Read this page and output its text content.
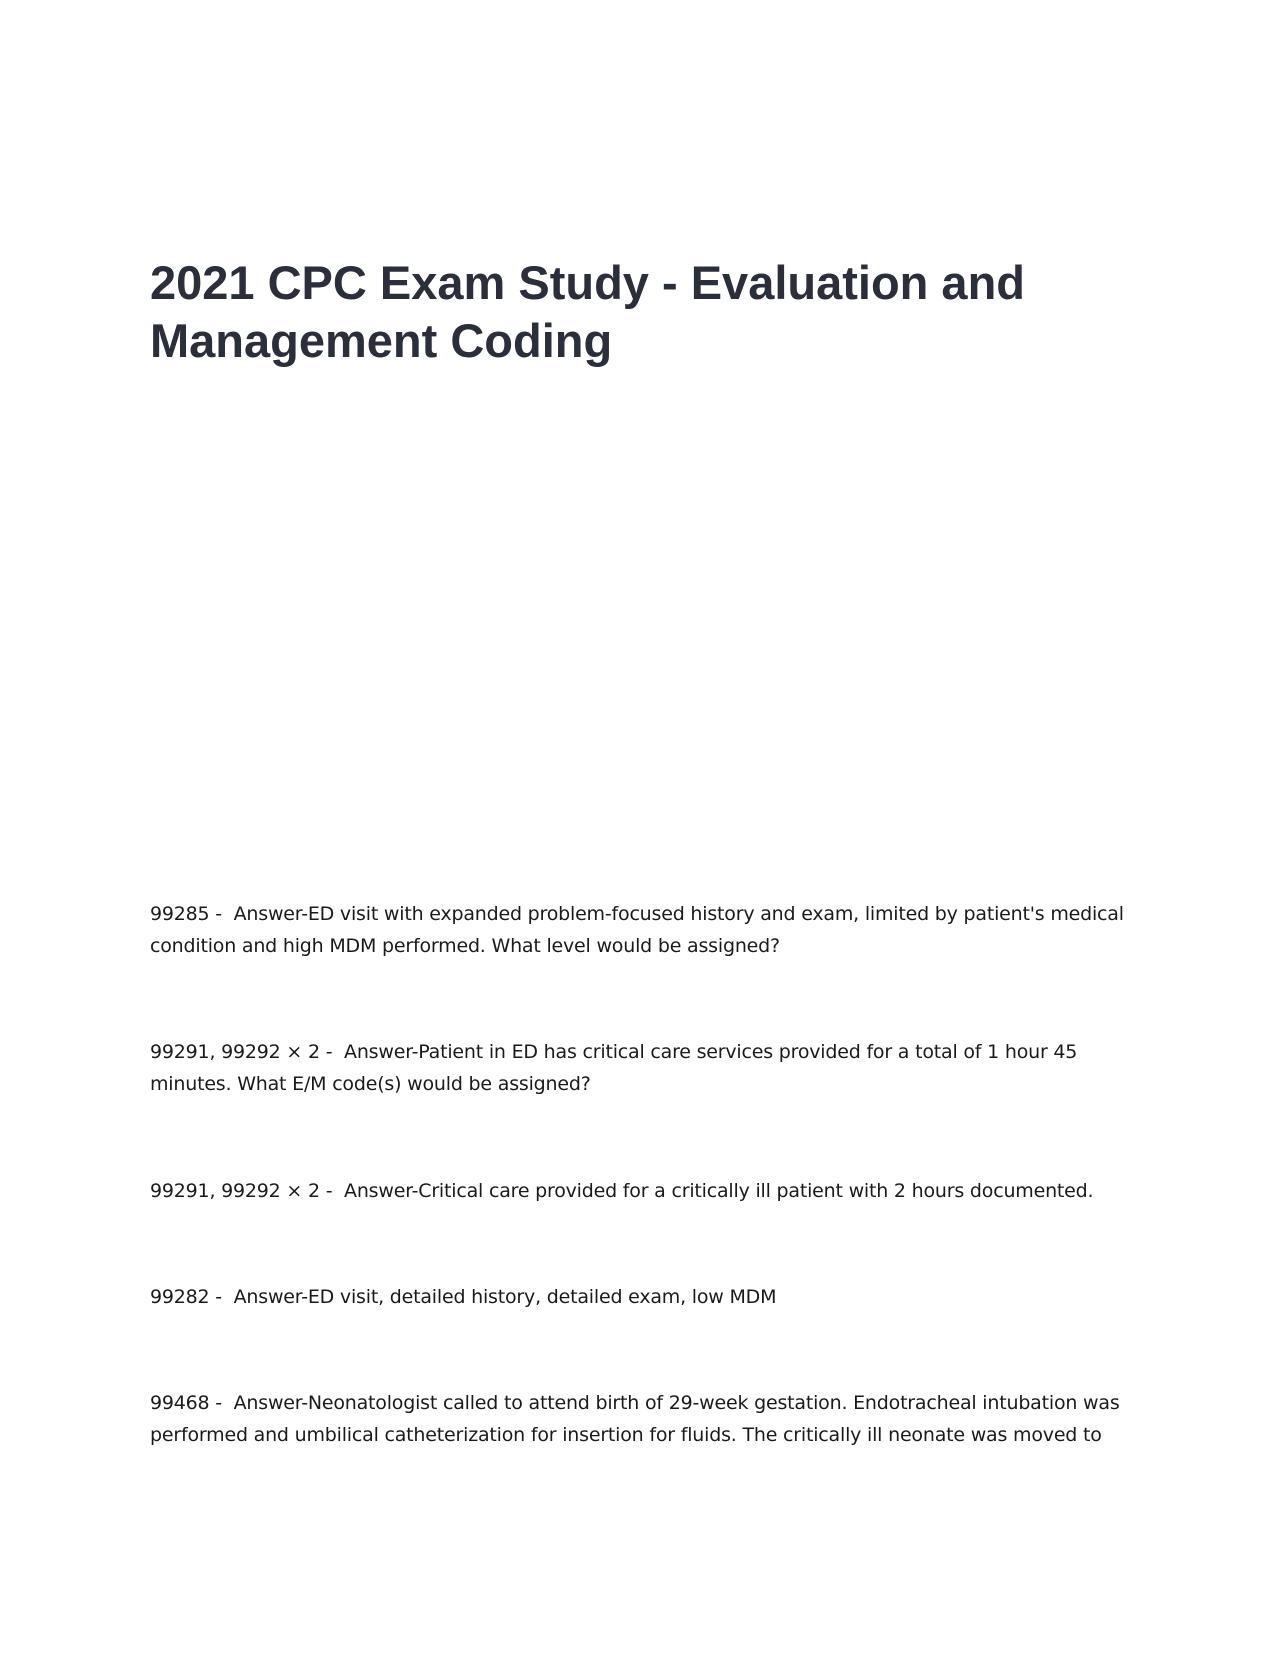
2021 CPC Exam Study - Evaluation and Management Coding

99285 -  Answer-ED visit with expanded problem-focused history and exam, limited by patient's medical condition and high MDM performed. What level would be assigned?

99291, 99292 × 2 -  Answer-Patient in ED has critical care services provided for a total of 1 hour 45 minutes. What E/M code(s) would be assigned?

99291, 99292 × 2 -  Answer-Critical care provided for a critically ill patient with 2 hours documented.

99282 -  Answer-ED visit, detailed history, detailed exam, low MDM

99468 -  Answer-Neonatologist called to attend birth of 29-week gestation. Endotracheal intubation was performed and umbilical catheterization for insertion for fluids. The critically ill neonate was moved to
